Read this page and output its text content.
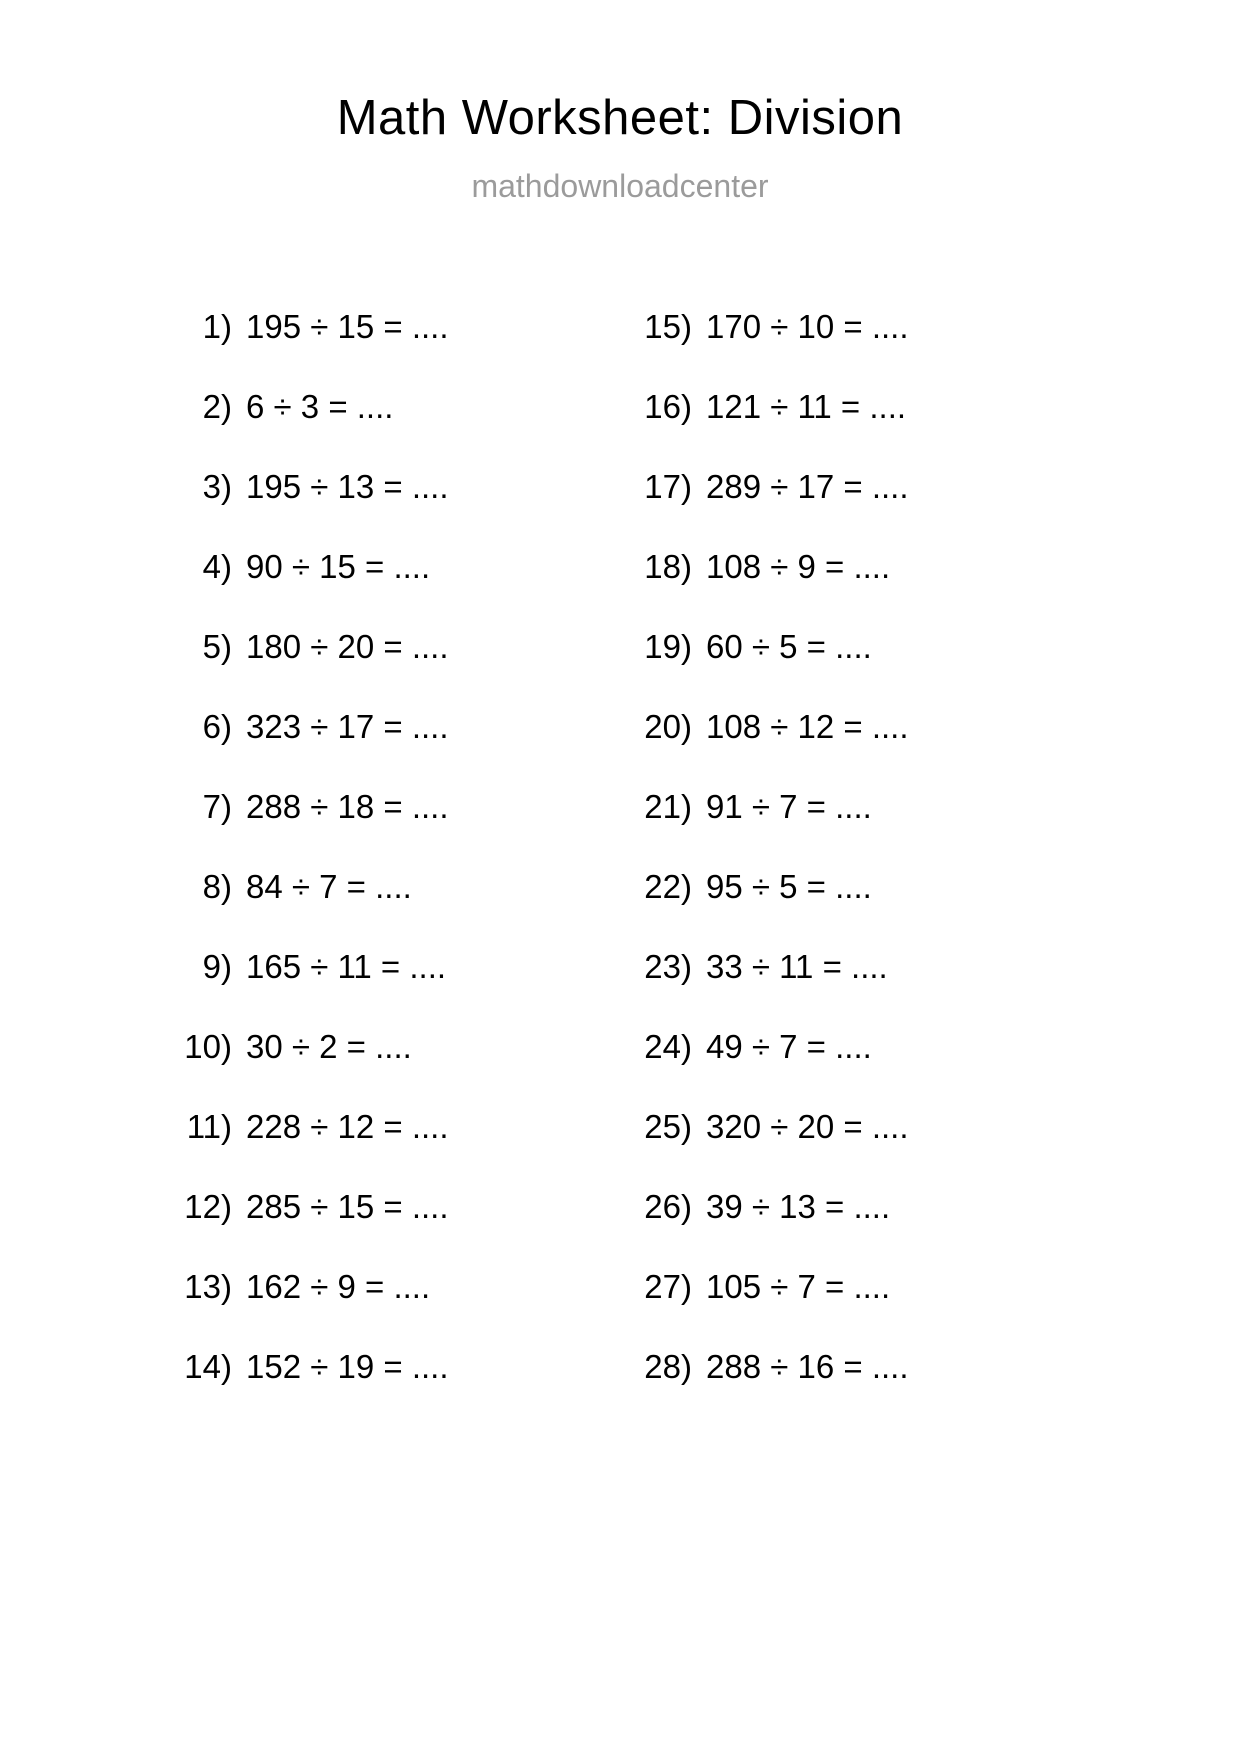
Math Worksheet: Division
mathdownloadcenter
1) 195 ÷ 15 = ....
2) 6 ÷ 3 = ....
3) 195 ÷ 13 = ....
4) 90 ÷ 15 = ....
5) 180 ÷ 20 = ....
6) 323 ÷ 17 = ....
7) 288 ÷ 18 = ....
8) 84 ÷ 7 = ....
9) 165 ÷ 11 = ....
10) 30 ÷ 2 = ....
11) 228 ÷ 12 = ....
12) 285 ÷ 15 = ....
13) 162 ÷ 9 = ....
14) 152 ÷ 19 = ....
15) 170 ÷ 10 = ....
16) 121 ÷ 11 = ....
17) 289 ÷ 17 = ....
18) 108 ÷ 9 = ....
19) 60 ÷ 5 = ....
20) 108 ÷ 12 = ....
21) 91 ÷ 7 = ....
22) 95 ÷ 5 = ....
23) 33 ÷ 11 = ....
24) 49 ÷ 7 = ....
25) 320 ÷ 20 = ....
26) 39 ÷ 13 = ....
27) 105 ÷ 7 = ....
28) 288 ÷ 16 = ....
